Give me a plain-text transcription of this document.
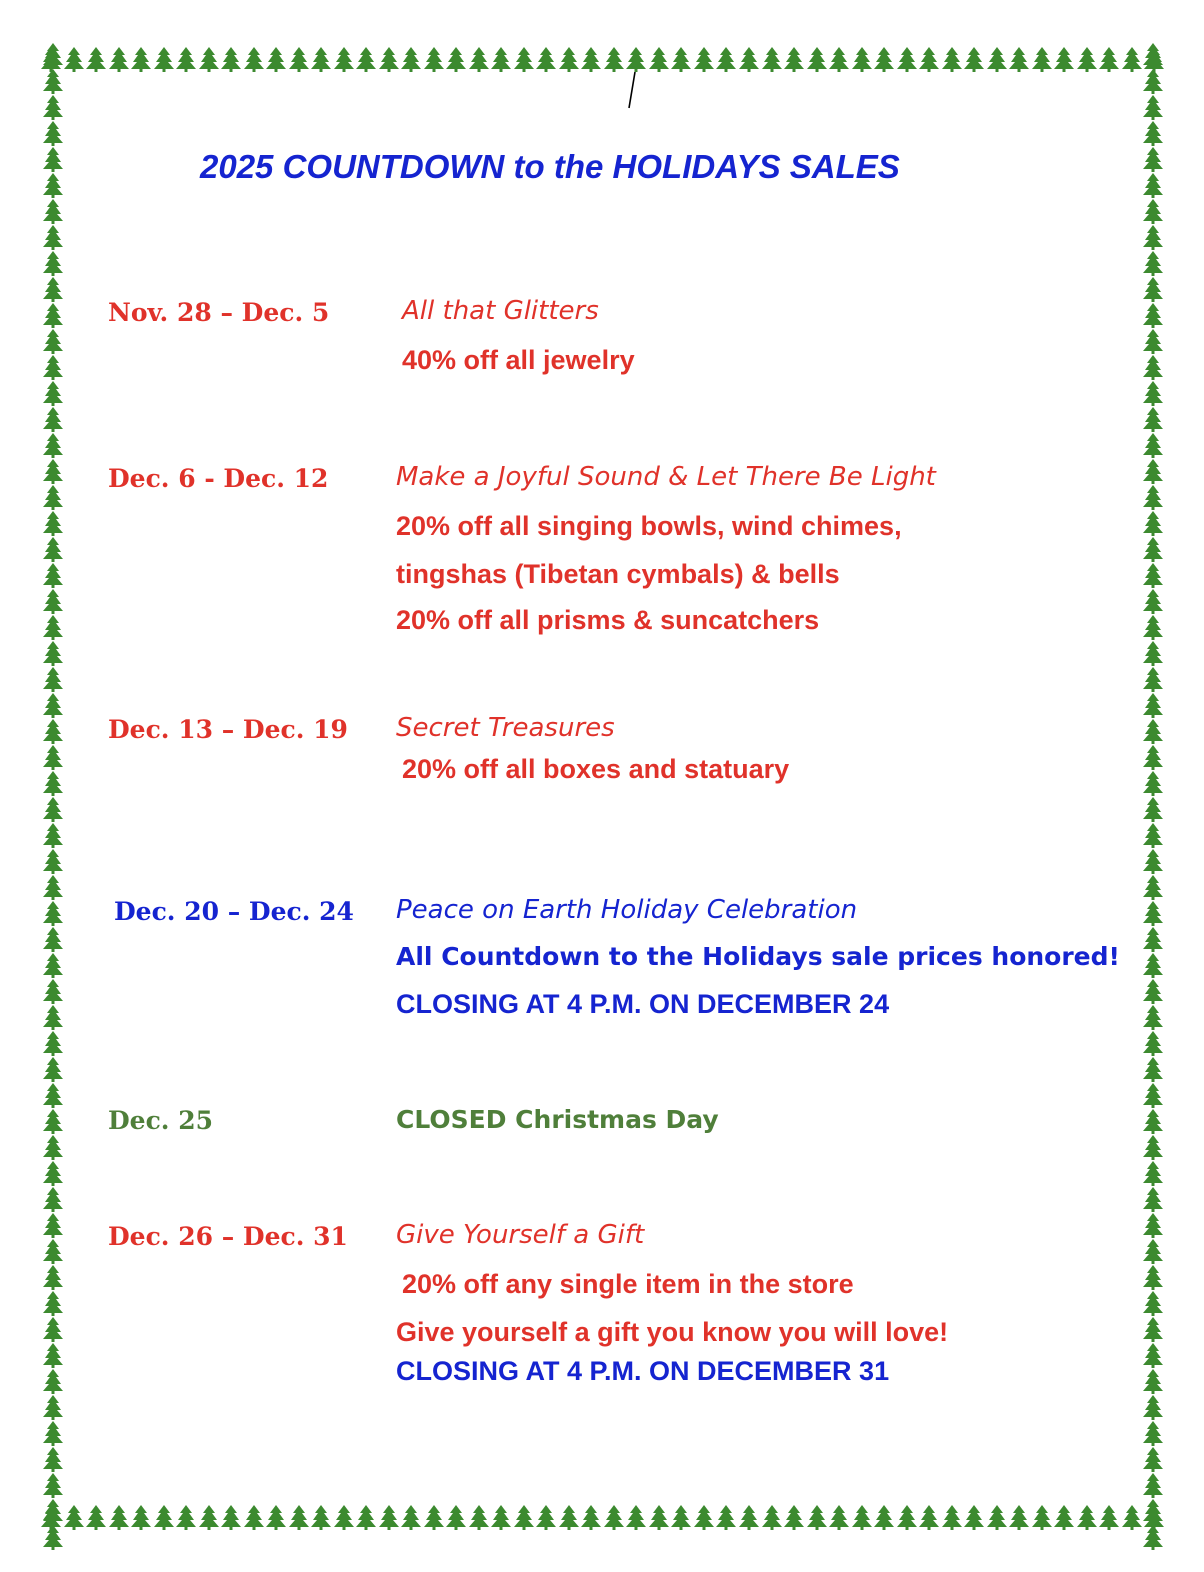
2025 COUNTDOWN to the HOLIDAYS SALES
Nov. 28 – Dec. 5	All that Glitters
40% off all jewelry
Dec. 6 - Dec. 12	Make a Joyful Sound & Let There Be Light
20% off all singing bowls, wind chimes,
tingshas (Tibetan cymbals) & bells
20% off all prisms & suncatchers
Dec. 13 – Dec. 19 Secret Treasures
20% off all boxes and statuary
Dec. 20 – Dec. 24 Peace on Earth Holiday Celebration
All Countdown to the Holidays sale prices honored!
CLOSING AT 4 P.M. ON DECEMBER 24
Dec. 25	CLOSED Christmas Day
Dec. 26 – Dec. 31 Give Yourself a Gift
20% off any single item in the store
Give yourself a gift you know you will love!
CLOSING AT 4 P.M. ON DECEMBER 31
